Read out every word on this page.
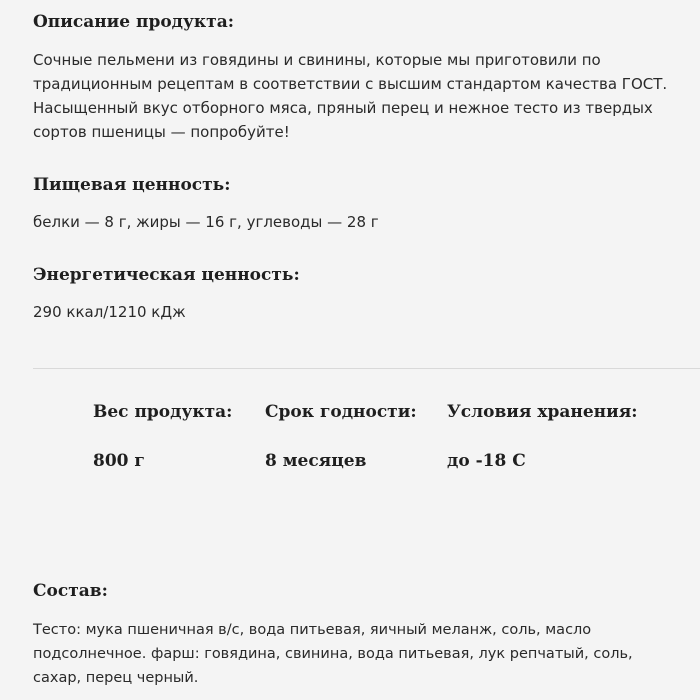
Описание продукта:

Сочные пельмени из говядины и свинины, которые мы приготовили по традиционным рецептам в соответствии с высшим стандартом качества ГОСТ. Насыщенный вкус отборного мяса, пряный перец и нежное тесто из твердых сортов пшеницы — попробуйте!

Пищевая ценность:

белки — 8 г, жиры — 16 г, углеводы — 28 г

Энергетическая ценность:

290 ккал/1210 кДж

Вес продукта:
800 г
Срок годности:
8 месяцев
Условия хранения:
до -18 С
Состав:

Тесто: мука пшеничная в/с, вода питьевая, яичный меланж, соль, масло подсолнечное. фарш: говядина, свинина, вода питьевая, лук репчатый, соль, сахар, перец черный.
